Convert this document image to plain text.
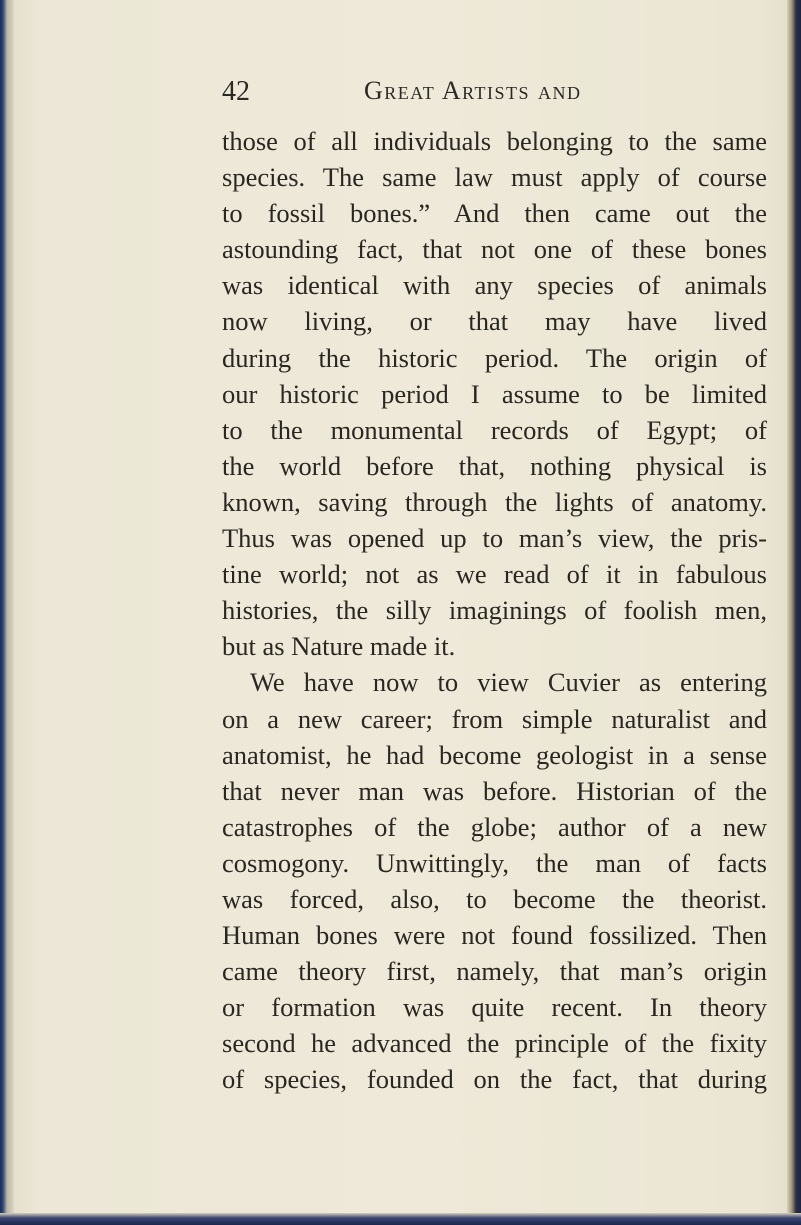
42	Great Artists and
those of all individuals belonging to the same
species. The same law must apply of course
to fossil bones.” And then came out the
astounding fact, that not one of these bones
was identical with any species of animals
now living, or that may have lived
during the historic period. The origin of
our historic period I assume to be limited
to the monumental records of Egypt; of
the world before that, nothing physical is
known, saving through the lights of anatomy.
Thus was opened up to man’s view, the pris-
tine world; not as we read of it in fabulous
histories, the silly imaginings of foolish men,
but as Nature made it.
We have now to view Cuvier as entering
on a new career; from simple naturalist and
anatomist, he had become geologist in a sense
that never man was before. Historian of the
catastrophes of the globe; author of a new
cosmogony. Unwittingly, the man of facts
was forced, also, to become the theorist.
Human bones were not found fossilized. Then
came theory first, namely, that man’s origin
or formation was quite recent. In theory
second he advanced the principle of the fixity
of species, founded on the fact, that during
